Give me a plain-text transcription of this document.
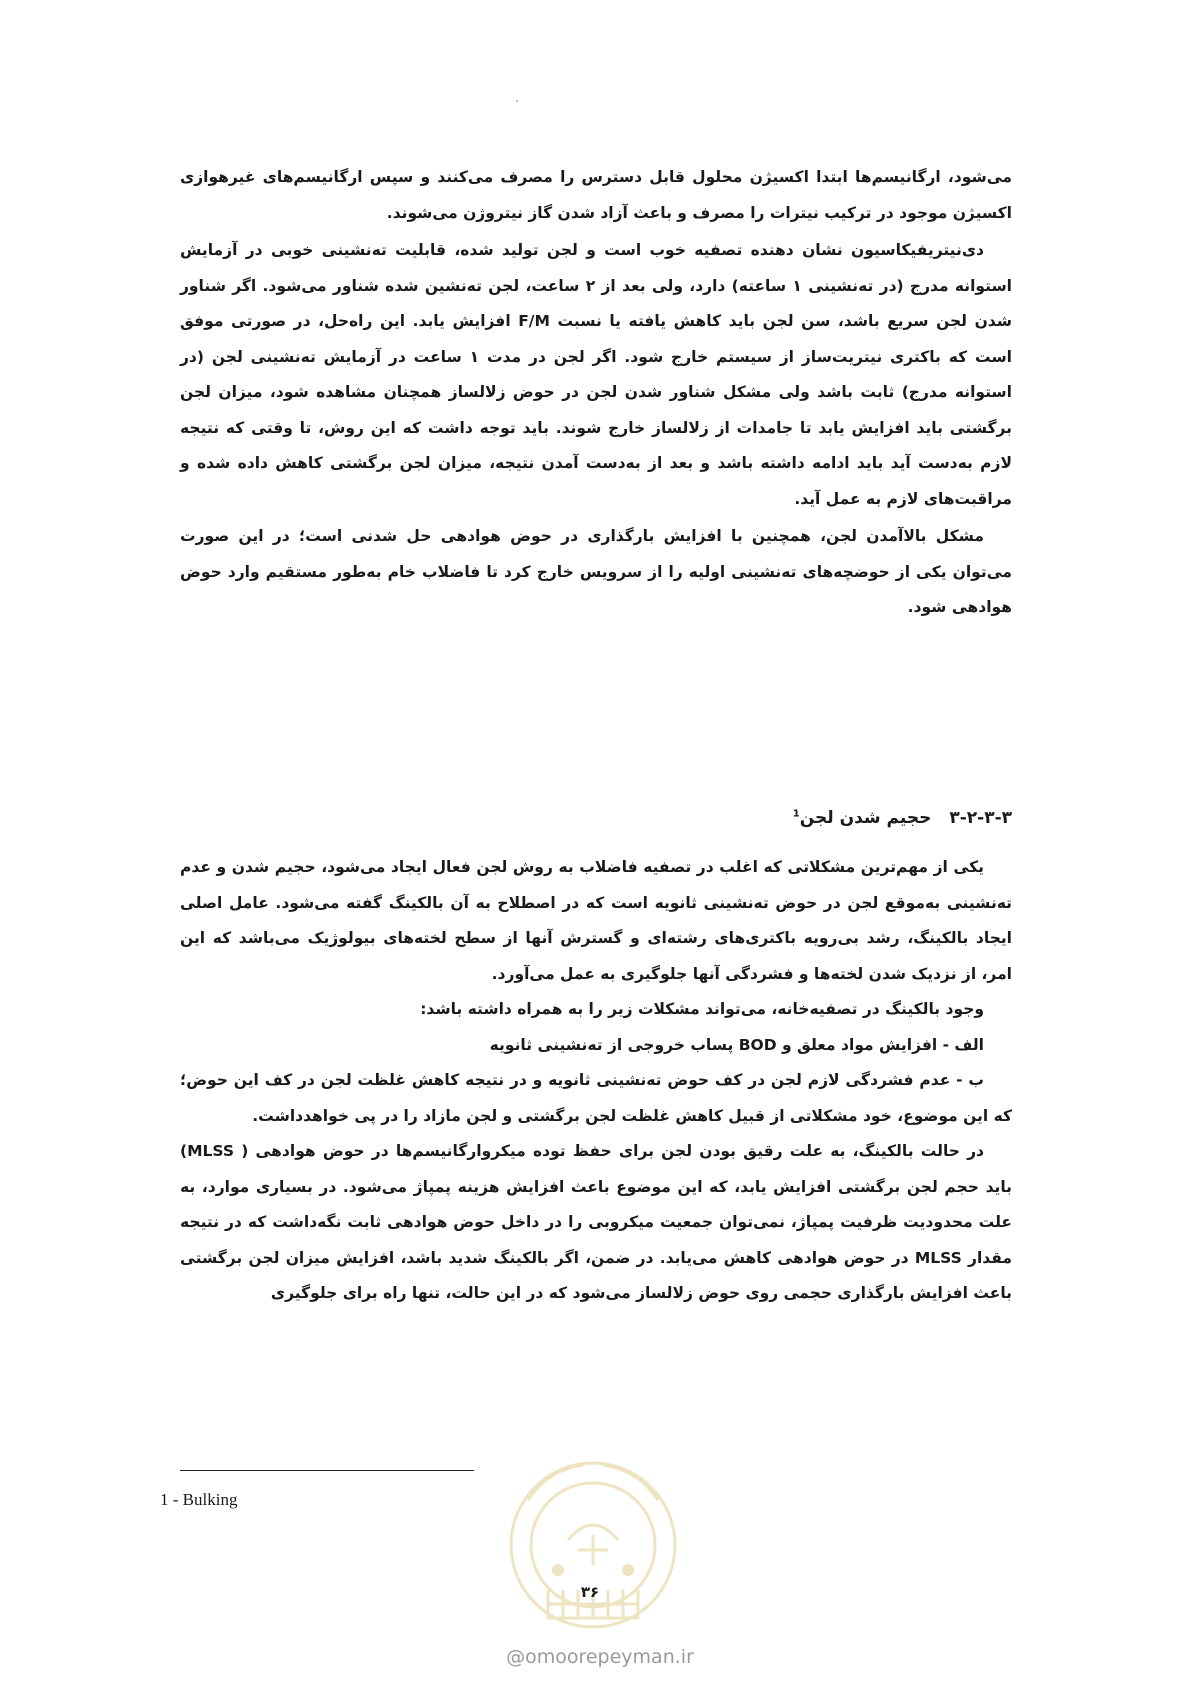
می‌شود، ارگانیسم‌ها ابتدا اکسیژن محلول قابل دسترس را مصرف می‌کنند و سپس ارگانیسم‌های غیرهوازی اکسیژن موجود در ترکیب نیترات را مصرف و باعث آزاد شدن گاز نیتروژن می‌شوند.

دی‌نیتریفیکاسیون نشان دهنده تصفیه خوب است و لجن تولید شده، قابلیت ته‌نشینی خوبی در آزمایش استوانه مدرج (در ته‌نشینی ۱ ساعته) دارد، ولی بعد از ۲ ساعت، لجن ته‌نشین شده شناور می‌شود. اگر شناور شدن لجن سریع باشد، سن لجن باید کاهش یافته یا نسبت F/M افزایش یابد. این راه‌حل، در صورتی موفق است که باکتری نیتریت‌ساز از سیستم خارج شود. اگر لجن در مدت ۱ ساعت در آزمایش ته‌نشینی لجن (در استوانه مدرج) ثابت باشد ولی مشکل شناور شدن لجن در حوض زلالساز همچنان مشاهده شود، میزان لجن برگشتی باید افزایش یابد تا جامدات از زلالساز خارج شوند. باید توجه داشت که این روش، تا وقتی که نتیجه لازم به‌دست آید باید ادامه داشته باشد و بعد از به‌دست آمدن نتیجه، میزان لجن برگشتی کاهش داده شده و مراقبت‌های لازم به عمل آید.

مشکل بالاآمدن لجن، همچنین با افزایش بارگذاری در حوض هوادهی حل شدنی است؛ در این صورت می‌توان یکی از حوضچه‌های ته‌نشینی اولیه را از سرویس خارج کرد تا فاضلاب خام به‌طور مستقیم وارد حوض هوادهی شود.

۳-۲-۳-۳حجیم شدن لجن$^1$

یکی از مهم‌ترین مشکلاتی که اغلب در تصفیه فاضلاب به روش لجن فعال ایجاد می‌شود، حجیم شدن و عدم ته‌نشینی به‌موقع لجن در حوض ته‌نشینی ثانویه است که در اصطلاح به آن بالکینگ گفته می‌شود. عامل اصلی ایجاد بالکینگ، رشد بی‌رویه باکتری‌های رشته‌ای و گسترش آنها از سطح لخته‌های بیولوژیک می‌باشد که این امر، از نزدیک شدن لخته‌ها و فشردگی آنها جلوگیری به عمل می‌آورد.

وجود بالکینگ در تصفیه‌خانه، می‌تواند مشکلات زیر را به همراه داشته باشد:

الف - افزایش مواد معلق و BOD پساب خروجی از ته‌نشینی ثانویه

ب - عدم فشردگی لازم لجن در کف حوض ته‌نشینی ثانویه و در نتیجه کاهش غلظت لجن در کف این حوض؛ که این موضوع، خود مشکلاتی از قبیل کاهش غلظت لجن برگشتی و لجن مازاد را در پی خواهدداشت.

در حالت بالکینگ، به علت رقیق بودن لجن برای حفظ توده میکروارگانیسم‌ها در حوض هوادهی ( MLSS) باید حجم لجن برگشتی افزایش یابد، که این موضوع باعث افزایش هزینه پمپاژ می‌شود. در بسیاری موارد، به علت محدودیت ظرفیت پمپاژ، نمی‌توان جمعیت میکروبی را در داخل حوض هوادهی ثابت نگه‌داشت که در نتیجه مقدار MLSS در حوض هوادهی کاهش می‌یابد. در ضمن، اگر بالکینگ شدید باشد، افزایش میزان لجن برگشتی باعث افزایش بارگذاری حجمی روی حوض زلالساز می‌شود که در این حالت، تنها راه برای جلوگیری

1 - Bulking
۳۶
@omoorepeyman.ir
